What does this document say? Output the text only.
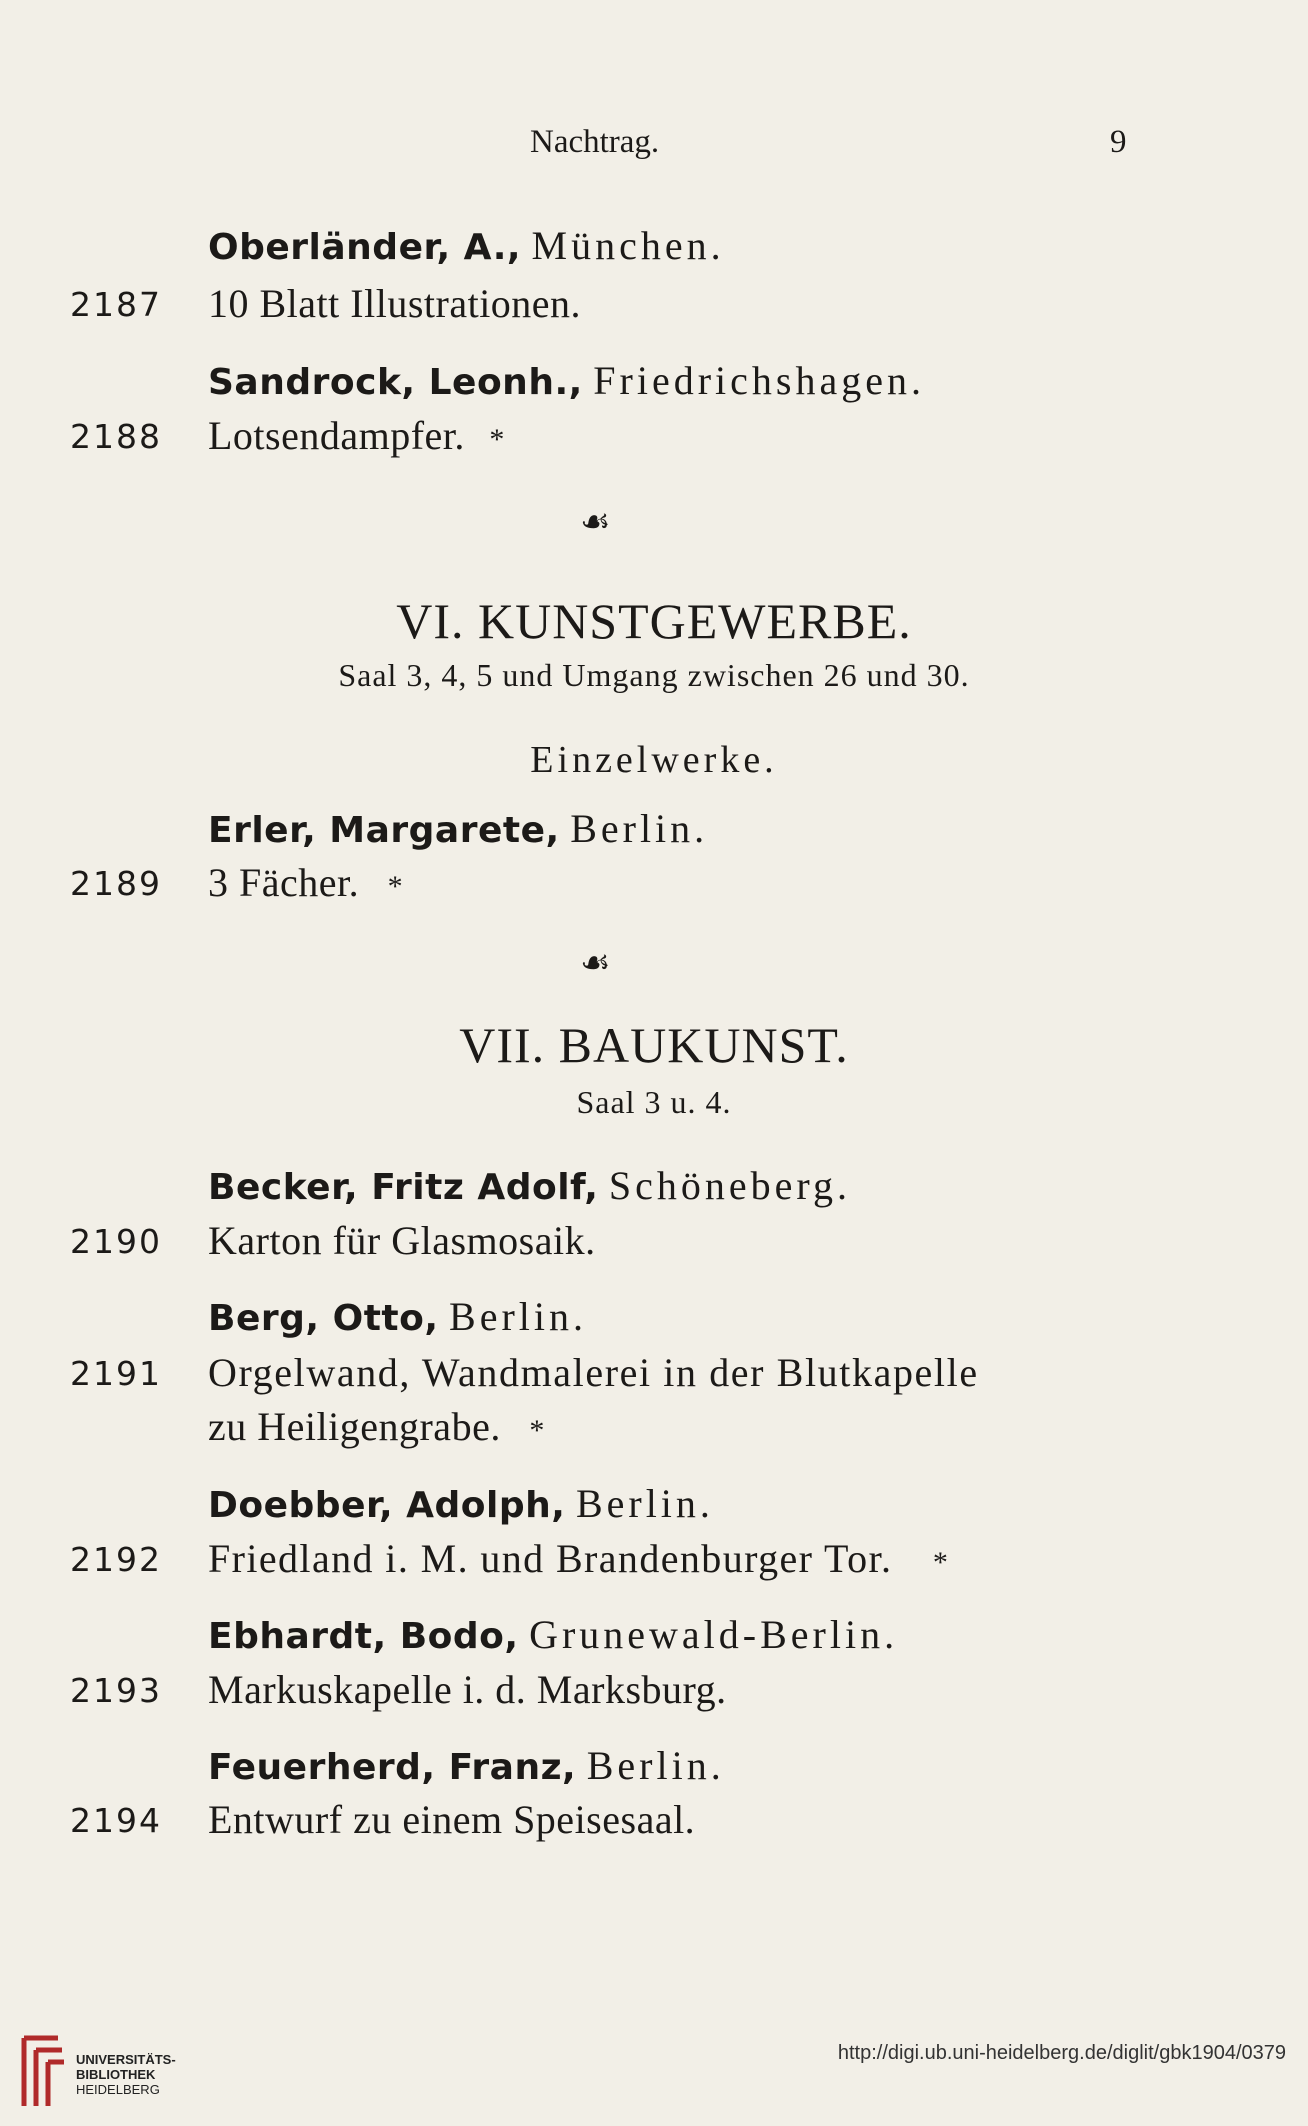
Nachtrag.	9
Oberländer, A., München.
2187 10 Blatt Illustrationen.
Sandrock, Leonh., Friedrichshagen.
2188 Lotsendampfer. *
☙
VI. KUNSTGEWERBE.
Saal 3, 4, 5 und Umgang zwischen 26 und 30.
Einzelwerke.
Erler, Margarete, Berlin.
2189 3 Fächer. *
☙
VII. BAUKUNST.
Saal 3 u. 4.
Becker, Fritz Adolf, Schöneberg.
2190 Karton für Glasmosaik.
Berg, Otto, Berlin.
2191 Orgelwand, Wandmalerei in der Blutkapelle
zu Heiligengrabe. *
Doebber, Adolph, Berlin.
2192 Friedland i. M. und Brandenburger Tor. *
Ebhardt, Bodo, Grunewald-Berlin.
2193 Markuskapelle i. d. Marksburg.
Feuerherd, Franz, Berlin.
2194 Entwurf zu einem Speisesaal.
UNIVERSITÄTS-
BIBLIOTHEK
HEIDELBERG
http://digi.ub.uni-heidelberg.de/diglit/gbk1904/0379
